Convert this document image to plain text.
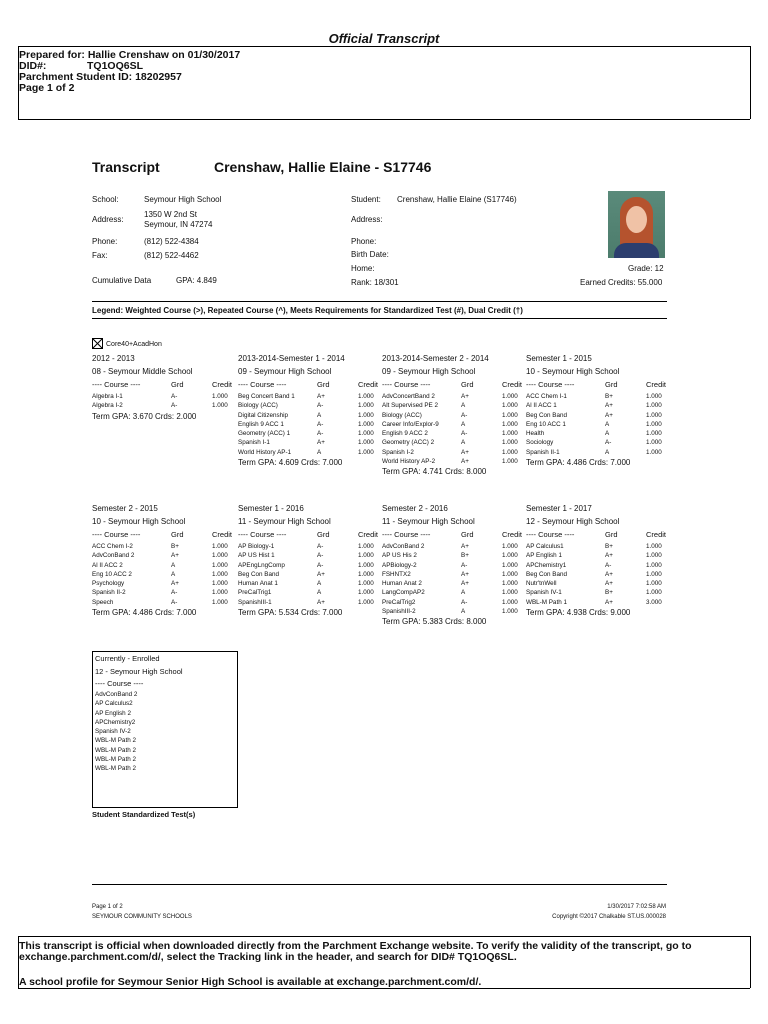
Official Transcript
Prepared for: Hallie Crenshaw on 01/30/2017
DID#:	TQ1OQ6SL
Parchment Student ID: 18202957
Page 1 of 2
Transcript	Crenshaw, Hallie Elaine - S17746
School:	Seymour High School
Address:
1350 W 2nd St
Seymour, IN 47274
Phone:	(812) 522-4384
Fax:	(812) 522-4462
Cumulative Data	GPA: 4.849
Student: Crenshaw, Hallie Elaine (S17746)
Address:
Phone:
Birth Date:
Home:
Rank: 18/301
Grade: 12
Earned Credits: 55.000
Legend: Weighted Course (>), Repeated Course (^), Meets Requirements for Standardized Test (#), Dual Credit (†)
Core40+AcadHon
2012 - 2013
08 - Seymour Middle School
---- Course ----	Grd	Credit
Algebra I-1	A-	1.000
Algebra I-2	A-	1.000
Term GPA: 3.670 Crds: 2.000
2013-2014-Semester 1 - 2014
09 - Seymour High School
---- Course ----	Grd	Credit
Beg Concert Band 1	A+	1.000
Biology (ACC)	A-	1.000
Digital Citizenship	A	1.000
English 9 ACC 1	A-	1.000
Geometry (ACC) 1	A-	1.000
Spanish I-1	A+	1.000
World History AP-1	A	1.000
Term GPA: 4.609 Crds: 7.000
2013-2014-Semester 2 - 2014
09 - Seymour High School
---- Course ----	Grd	Credit
AdvConcertBand 2	A+	1.000
Alt Supervised PE 2	A	1.000
Biology (ACC)	A-	1.000
Career Info/Explor-9	A	1.000
English 9 ACC 2	A-	1.000
Geometry (ACC) 2	A	1.000
Spanish I-2	A+	1.000
World History AP-2	A+	1.000
Term GPA: 4.741 Crds: 8.000
Semester 1 - 2015
10 - Seymour High School
---- Course ----	Grd	Credit
ACC Chem I-1	B+	1.000
Al II ACC 1	A+	1.000
Beg Con Band	A+	1.000
Eng 10 ACC 1	A	1.000
Health	A	1.000
Sociology	A-	1.000
Spanish II-1	A	1.000
Term GPA: 4.486 Crds: 7.000
Semester 2 - 2015
10 - Seymour High School
---- Course ----	Grd	Credit
ACC Chem I-2	B+	1.000
AdvConBand 2	A+	1.000
Al II ACC 2	A	1.000
Eng 10 ACC 2	A	1.000
Psychology	A+	1.000
Spanish II-2	A-	1.000
Speech	A-	1.000
Term GPA: 4.486 Crds: 7.000
Semester 1 - 2016
11 - Seymour High School
---- Course ----	Grd	Credit
AP Biology-1	A-	1.000
AP US Hist 1	A-	1.000
APEngLngComp	A-	1.000
Beg Con Band	A+	1.000
Human Anat 1	A	1.000
PreCalTrig1	A	1.000
SpanishIII-1	A+	1.000
Term GPA: 5.534 Crds: 7.000
Semester 2 - 2016
11 - Seymour High School
---- Course ----	Grd	Credit
AdvConBand 2	A+	1.000
AP US His 2	B+	1.000
APBiology-2	A-	1.000
FSHNTX2	A+	1.000
Human Anat 2	A+	1.000
LangCompAP2	A	1.000
PreCalTrig2	A-	1.000
SpanishIII-2	A	1.000
Term GPA: 5.383 Crds: 8.000
Semester 1 - 2017
12 - Seymour High School
---- Course ----	Grd	Credit
AP Calculus1	B+	1.000
AP English 1	A+	1.000
APChemistry1	A-	1.000
Beg Con Band	A+	1.000
Nutr'tnWell	A+	1.000
Spanish IV-1	B+	1.000
WBL-M Path 1	A+	3.000
Term GPA: 4.938 Crds: 9.000
Currently - Enrolled
12 - Seymour High School
---- Course ----
AdvConBand 2
AP Calculus2
AP English 2
APChemistry2
Spanish IV-2
WBL-M Path 2
WBL-M Path 2
WBL-M Path 2
WBL-M Path 2
Student Standardized Test(s)
Page 1 of 2
SEYMOUR COMMUNITY SCHOOLS
1/30/2017 7:02:58 AM
Copyright ©2017 Chalkable ST.US.000028
This transcript is official when downloaded directly from the Parchment Exchange website. To verify the validity of the transcript, go to exchange.parchment.com/d/, select the Tracking link in the header, and search for DID# TQ1OQ6SL.
A school profile for Seymour Senior High School is available at exchange.parchment.com/d/.
